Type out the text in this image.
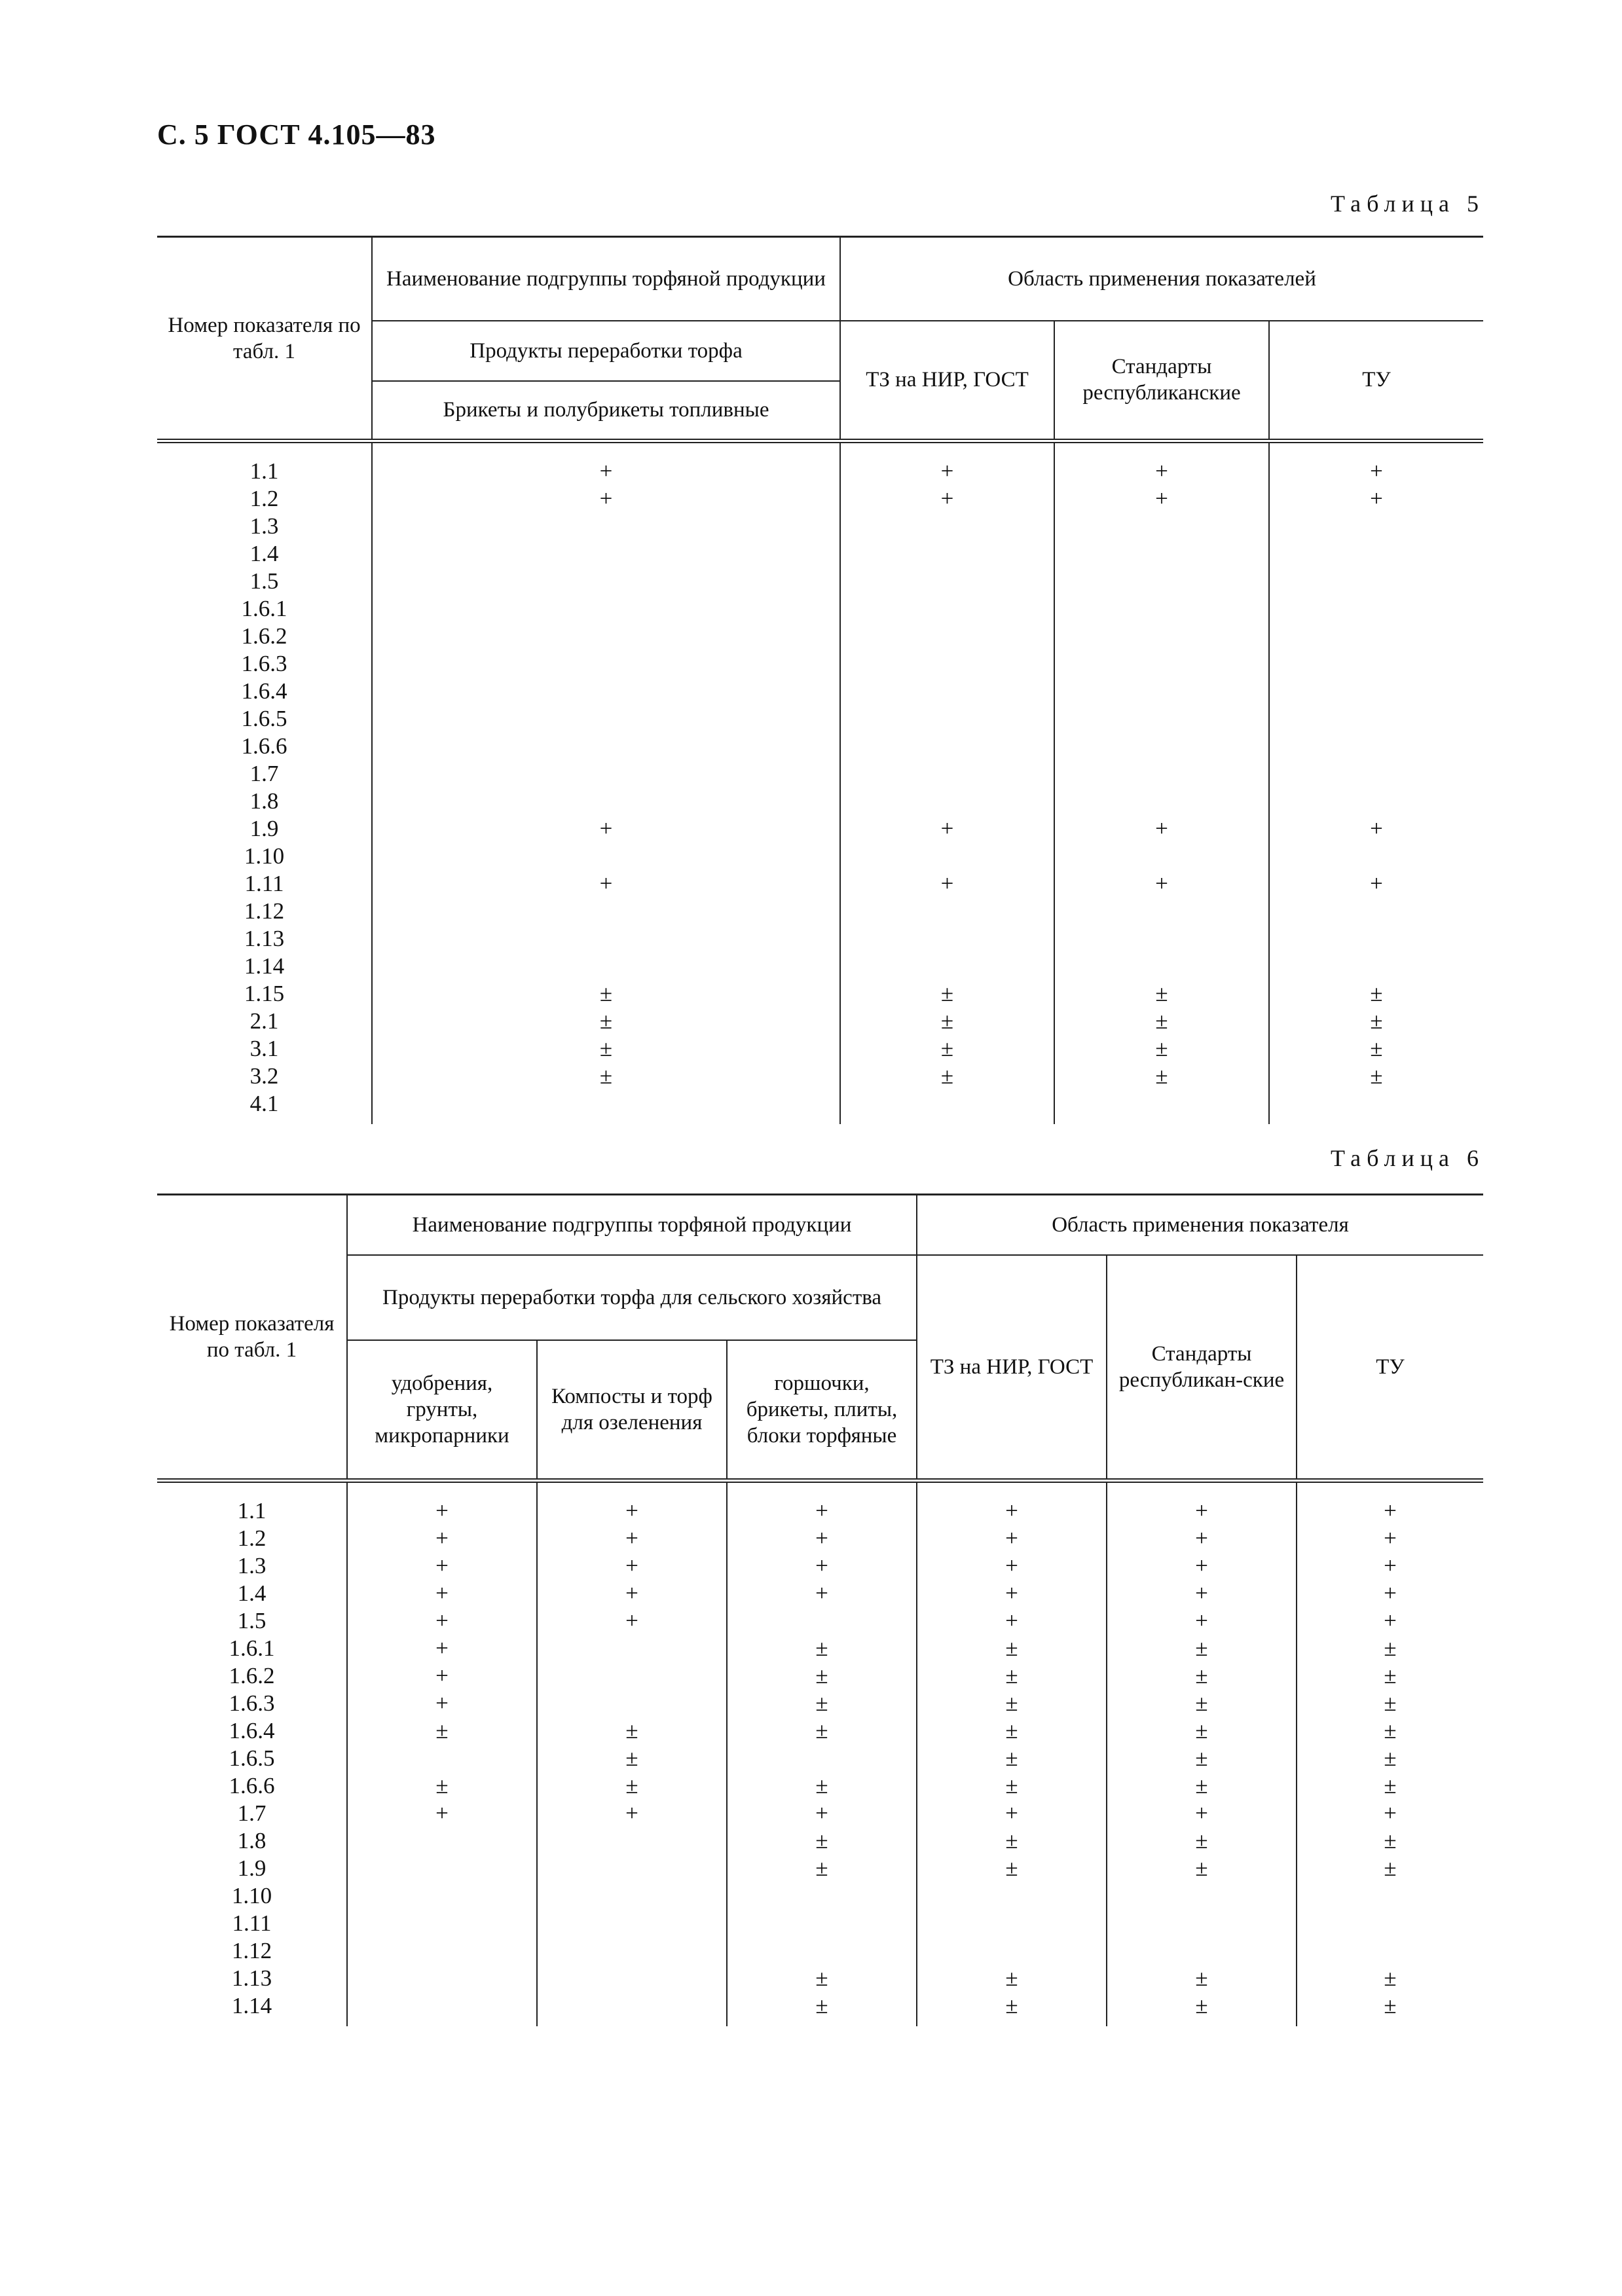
С. 5 ГОСТ 4.105—83
Таблица 5
Номер показателя по табл. 1	Наименование подгруппы торфяной продукции	Область применения показателей		
	Продукты переработки торфа	ТЗ на НИР, ГОСТ	Стандарты республиканские	ТУ
	Брикеты и полубрикеты топливные			
1.1	+	+	+	+
1.2	+	+	+	+
1.3				
1.4				
1.5				
1.6.1				
1.6.2				
1.6.3				
1.6.4				
1.6.5				
1.6.6				
1.7				
1.8				
1.9	+	+	+	+
1.10				
1.11	+	+	+	+
1.12				
1.13				
1.14				
1.15	±	±	±	±
2.1	±	±	±	±
3.1	±	±	±	±
3.2	±	±	±	±
4.1				
Таблица 6
Номер показателя по табл. 1	Наименование подгруппы торфяной продукции			Область применения показателя		
	Продукты переработки торфа для сельского хозяйства			ТЗ на НИР, ГОСТ	Стандарты республикан-ские	ТУ
	удобрения, грунты, микропарники	Компосты и торф для озеленения	горшочки, брикеты, плиты, блоки торфяные			
1.1	+	+	+	+	+	+
1.2	+	+	+	+	+	+
1.3	+	+	+	+	+	+
1.4	+	+	+	+	+	+
1.5	+	+		+	+	+
1.6.1	+		±	±	±	±
1.6.2	+		±	±	±	±
1.6.3	+		±	±	±	±
1.6.4	±	±	±	±	±	±
1.6.5		±		±	±	±
1.6.6	±	±	±	±	±	±
1.7	+	+	+	+	+	+
1.8			±	±	±	±
1.9			±	±	±	±
1.10						
1.11						
1.12						
1.13			±	±	±	±
1.14			±	±	±	±
